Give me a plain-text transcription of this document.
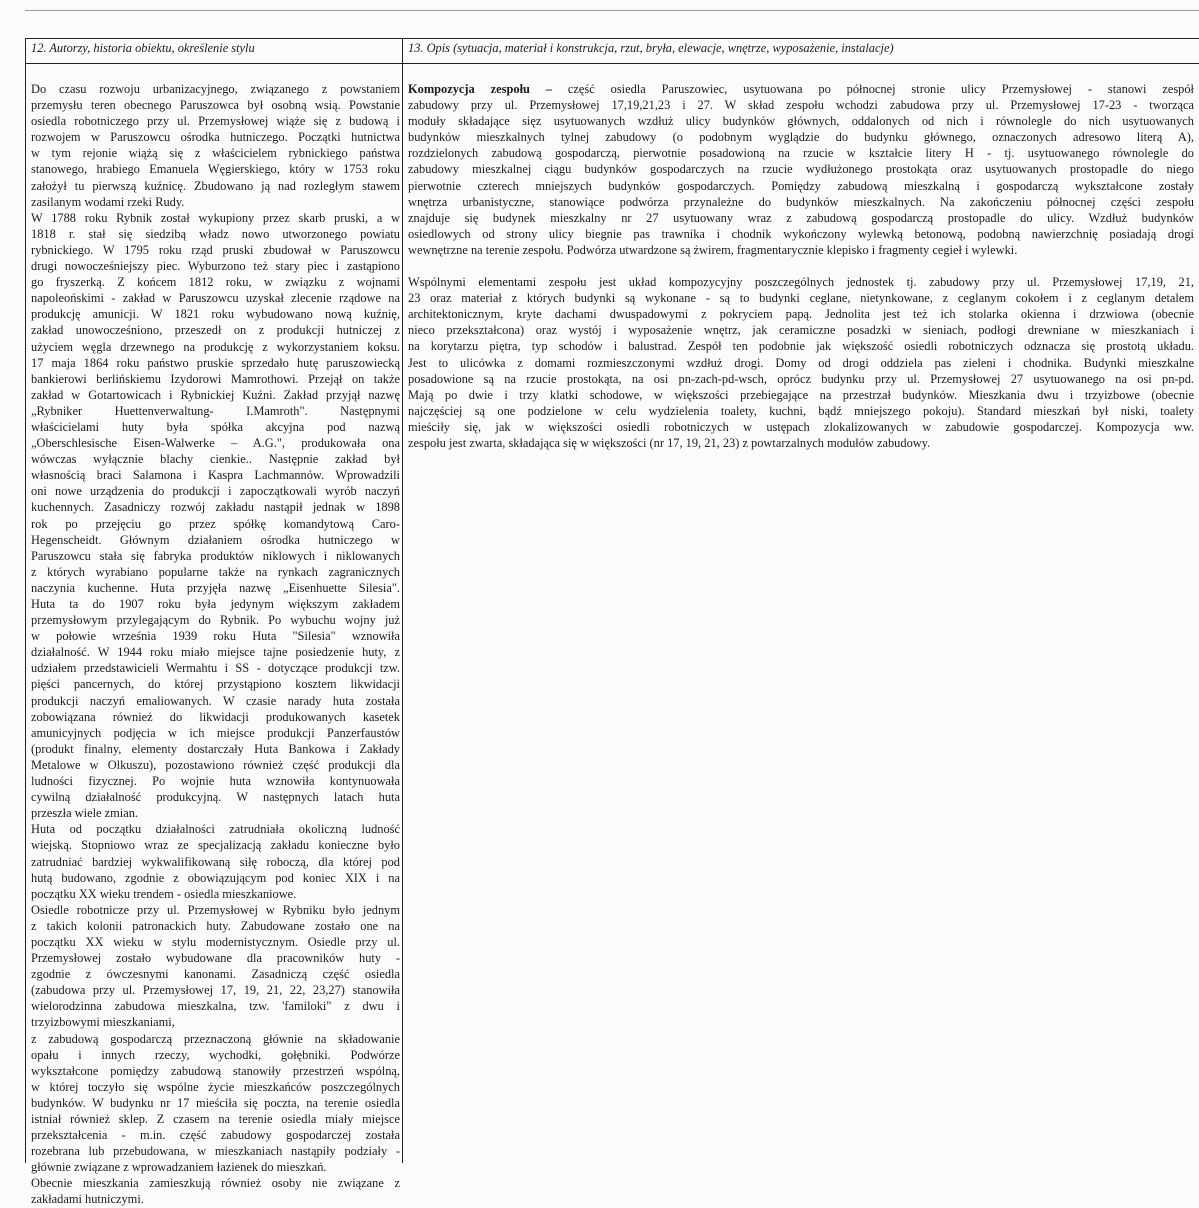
12. Autorzy, historia obiektu, określenie stylu
Do czasu rozwoju urbanizacyjnego, związanego z powstaniem
przemysłu teren obecnego Paruszowca był osobną wsią. Powstanie
osiedla robotniczego przy ul. Przemysłowej wiąże się z budową i
rozwojem w Paruszowcu ośrodka hutniczego. Początki hutnictwa
w tym rejonie wiążą się z właścicielem rybnickiego państwa
stanowego, hrabiego Emanuela Węgierskiego, który w 1753 roku
założył tu pierwszą kuźnicę. Zbudowano ją nad rozległym stawem
zasilanym wodami rzeki Rudy.
W 1788 roku Rybnik został wykupiony przez skarb pruski, a w
1818 r. stał się siedzibą władz nowo utworzonego powiatu
rybnickiego. W 1795 roku rząd pruski zbudował w Paruszowcu
drugi nowocześniejszy piec. Wyburzono też stary piec i zastąpiono
go fryszerką. Z końcem 1812 roku, w związku z wojnami
napoleońskimi - zakład w Paruszowcu uzyskał zlecenie rządowe na
produkcję amunicji. W 1821 roku wybudowano nową kuźnię,
zakład unowocześniono, przeszedł on z produkcji hutniczej z
użyciem węgla drzewnego na produkcję z wykorzystaniem koksu.
17 maja 1864 roku państwo pruskie sprzedało hutę paruszowiecką
bankierowi berlińskiemu Izydorowi Mamrothowi. Przejął on także
zakład w Gotartowicach i Rybnickiej Kuźni. Zakład przyjął nazwę
„Rybniker Huettenverwaltung- I.Mamroth". Następnymi
właścicielami huty była spółka akcyjna pod nazwą
„Oberschlesische Eisen-Walwerke – A.G.", produkowała ona
wówczas wyłącznie blachy cienkie.. Następnie zakład był
własnością braci Salamona i Kaspra Lachmannów. Wprowadzili
oni nowe urządzenia do produkcji i zapoczątkowali wyrób naczyń
kuchennych. Zasadniczy rozwój zakładu nastąpił jednak w 1898
rok po przejęciu go przez spółkę komandytową Caro-
Hegenscheidt. Głównym działaniem ośrodka hutniczego w
Paruszowcu stała się fabryka produktów niklowych i niklowanych
z których wyrabiano popularne także na rynkach zagranicznych
naczynia kuchenne. Huta przyjęła nazwę „Eisenhuette Silesia".
Huta ta do 1907 roku była jedynym większym zakładem
przemysłowym przylegającym do Rybnik. Po wybuchu wojny już
w połowie września 1939 roku Huta "Silesia" wznowiła
działalność. W 1944 roku miało miejsce tajne posiedzenie huty, z
udziałem przedstawicieli Wermahtu i SS - dotyczące produkcji tzw.
pięści pancernych, do której przystąpiono kosztem likwidacji
produkcji naczyń emaliowanych. W czasie narady huta została
zobowiązana również do likwidacji produkowanych kasetek
amunicyjnych podjęcia w ich miejsce produkcji Panzerfaustów
(produkt finalny, elementy dostarczały Huta Bankowa i Zakłady
Metalowe w Olkuszu), pozostawiono również część produkcji dla
ludności fizycznej. Po wojnie huta wznowiła kontynuowała
cywilną działalność produkcyjną. W następnych latach huta
przeszła wiele zmian.
Huta od początku działalności zatrudniała okoliczną ludność
wiejską. Stopniowo wraz ze specjalizacją zakładu konieczne było
zatrudniać bardziej wykwalifikowaną siłę roboczą, dla której pod
hutą budowano, zgodnie z obowiązującym pod koniec XIX i na
początku XX wieku trendem - osiedla mieszkaniowe.
Osiedle robotnicze przy ul. Przemysłowej w Rybniku było jednym
z takich kolonii patronackich huty. Zabudowane zostało one na
początku XX wieku w stylu modernistycznym. Osiedle przy ul.
Przemysłowej zostało wybudowane dla pracowników huty -
zgodnie z ówczesnymi kanonami. Zasadniczą część osiedla
(zabudowa przy ul. Przemysłowej 17, 19, 21, 22, 23,27) stanowiła
wielorodzinna zabudowa mieszkalna, tzw. 'familoki" z dwu i
trzyizbowymi mieszkaniami,
z zabudową gospodarczą przeznaczoną głównie na składowanie
opału i innych rzeczy, wychodki, gołębniki. Podwórze
wykształcone pomiędzy zabudową stanowiły przestrzeń wspólną,
w której toczyło się wspólne życie mieszkańców poszczególnych
budynków. W budynku nr 17 mieściła się poczta, na terenie osiedla
istniał również sklep. Z czasem na terenie osiedla miały miejsce
przekształcenia - m.in. część zabudowy gospodarczej została
rozebrana lub przebudowana, w mieszkaniach nastąpiły podziały -
głównie związane z wprowadzaniem łazienek do mieszkań.
Obecnie mieszkania zamieszkują również osoby nie związane z
zakładami hutniczymi.
13. Opis (sytuacja, materiał i konstrukcja, rzut, bryła, elewacje, wnętrze, wyposażenie, instalacje)
Kompozycja zespołu – część osiedla Paruszowiec, usytuowana po północnej stronie ulicy Przemysłowej - stanowi zespół
zabudowy przy ul. Przemysłowej 17,19,21,23 i 27. W skład zespołu wchodzi zabudowa przy ul. Przemysłowej 17-23 - tworząca
moduły składające sięz usytuowanych wzdłuż ulicy budynków głównych, oddalonych od nich i równolegle do nich usytuowanych
budynków mieszkalnych tylnej zabudowy (o podobnym wyglądzie do budynku głównego, oznaczonych adresowo literą A),
rozdzielonych zabudową gospodarczą, pierwotnie posadowioną na rzucie w kształcie litery H - tj. usytuowanego równolegle do
zabudowy mieszkalnej ciągu budynków gospodarczych na rzucie wydłużonego prostokąta oraz usytuowanych prostopadle do niego
pierwotnie czterech mniejszych budynków gospodarczych. Pomiędzy zabudową mieszkalną i gospodarczą wykształcone zostały
wnętrza urbanistyczne, stanowiące podwórza przynależne do budynków mieszkalnych. Na zakończeniu północnej części zespołu
znajduje się budynek mieszkalny nr 27 usytuowany wraz z zabudową gospodarczą prostopadle do ulicy. Wzdłuż budynków
osiedlowych od strony ulicy biegnie pas trawnika i chodnik wykończony wylewką betonową, podobną nawierzchnię posiadają drogi
wewnętrzne na terenie zespołu. Podwórza utwardzone są żwirem, fragmentarycznie klepisko i fragmenty cegieł i wylewki.
Wspólnymi elementami zespołu jest układ kompozycyjny poszczególnych jednostek tj. zabudowy przy ul. Przemysłowej 17,19, 21,
23 oraz materiał z których budynki są wykonane - są to budynki ceglane, nietynkowane, z ceglanym cokołem i z ceglanym detalem
architektonicznym, kryte dachami dwuspadowymi z pokryciem papą. Jednolita jest też ich stolarka okienna i drzwiowa (obecnie
nieco przekształcona) oraz wystój i wyposażenie wnętrz, jak ceramiczne posadzki w sieniach, podłogi drewniane w mieszkaniach i
na korytarzu piętra, typ schodów i balustrad. Zespół ten podobnie jak większość osiedli robotniczych odznacza się prostotą układu.
Jest to ulicówka z domami rozmieszczonymi wzdłuż drogi. Domy od drogi oddziela pas zieleni i chodnika. Budynki mieszkalne
posadowione są na rzucie prostokąta, na osi pn-zach-pd-wsch, oprócz budynku przy ul. Przemysłowej 27 usytuowanego na osi pn-pd.
Mają po dwie i trzy klatki schodowe, w większości przebiegające na przestrzał budynków. Mieszkania dwu i trzyizbowe (obecnie
najczęściej są one podzielone w celu wydzielenia toalety, kuchni, bądź mniejszego pokoju). Standard mieszkań był niski, toalety
mieściły się, jak w większości osiedli robotniczych w ustępach zlokalizowanych w zabudowie gospodarczej. Kompozycja ww.
zespołu jest zwarta, składająca się w większości (nr 17, 19, 21, 23) z powtarzalnych modułów zabudowy.
